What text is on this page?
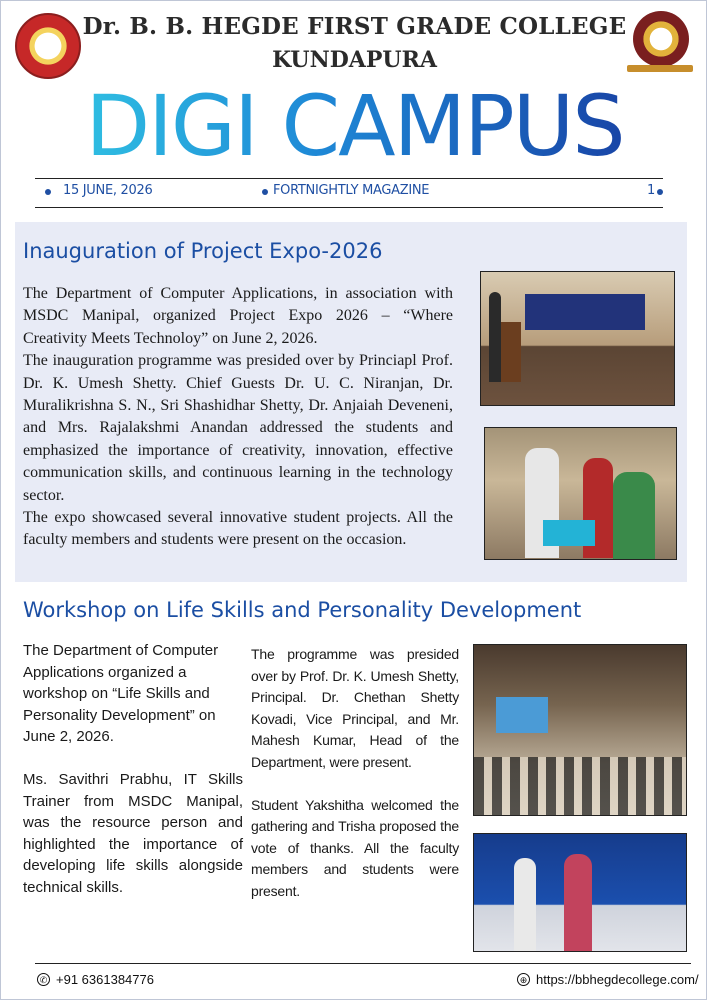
Dr. B. B. HEGDE FIRST GRADE COLLEGE
KUNDAPURA
DIGI CAMPUS
15 JUNE, 2026	FORTNIGHTLY MAGAZINE	1
Inauguration of Project Expo-2026

The Department of Computer Applications, in association with MSDC Manipal, organized Project Expo 2026 – “Where Creativity Meets Technoloy” on June 2, 2026.

The inauguration programme was presided over by Princiapl Prof. Dr. K. Umesh Shetty. Chief Guests Dr. U. C. Niranjan, Dr. Muralikrishna S. N., Sri Shashidhar Shetty, Dr. Anjaiah Deveneni, and Mrs. Rajalakshmi Anandan addressed the students and emphasized the importance of creativity, innovation, effective communication skills, and continuous learning in the technology sector.

The expo showcased several innovative student projects. All the faculty members and students were present on the occasion.

Workshop on Life Skills and Personality Development

The Department of Computer Applications organized a workshop on “Life Skills and Personality Development” on June 2, 2026.

Ms. Savithri Prabhu, IT Skills Trainer from MSDC Manipal, was the resource person and highlighted the importance of developing life skills alongside technical skills.

The programme was presided over by Prof. Dr. K. Umesh Shetty, Principal. Dr. Chethan Shetty Kovadi, Vice Principal, and Mr. Mahesh Kumar, Head of the Department, were present.

Student Yakshitha welcomed the gathering and Trisha proposed the vote of thanks. All the faculty members and students were present.

✆ +91 6361384776	⊕ https://bbhegdecollege.com/
